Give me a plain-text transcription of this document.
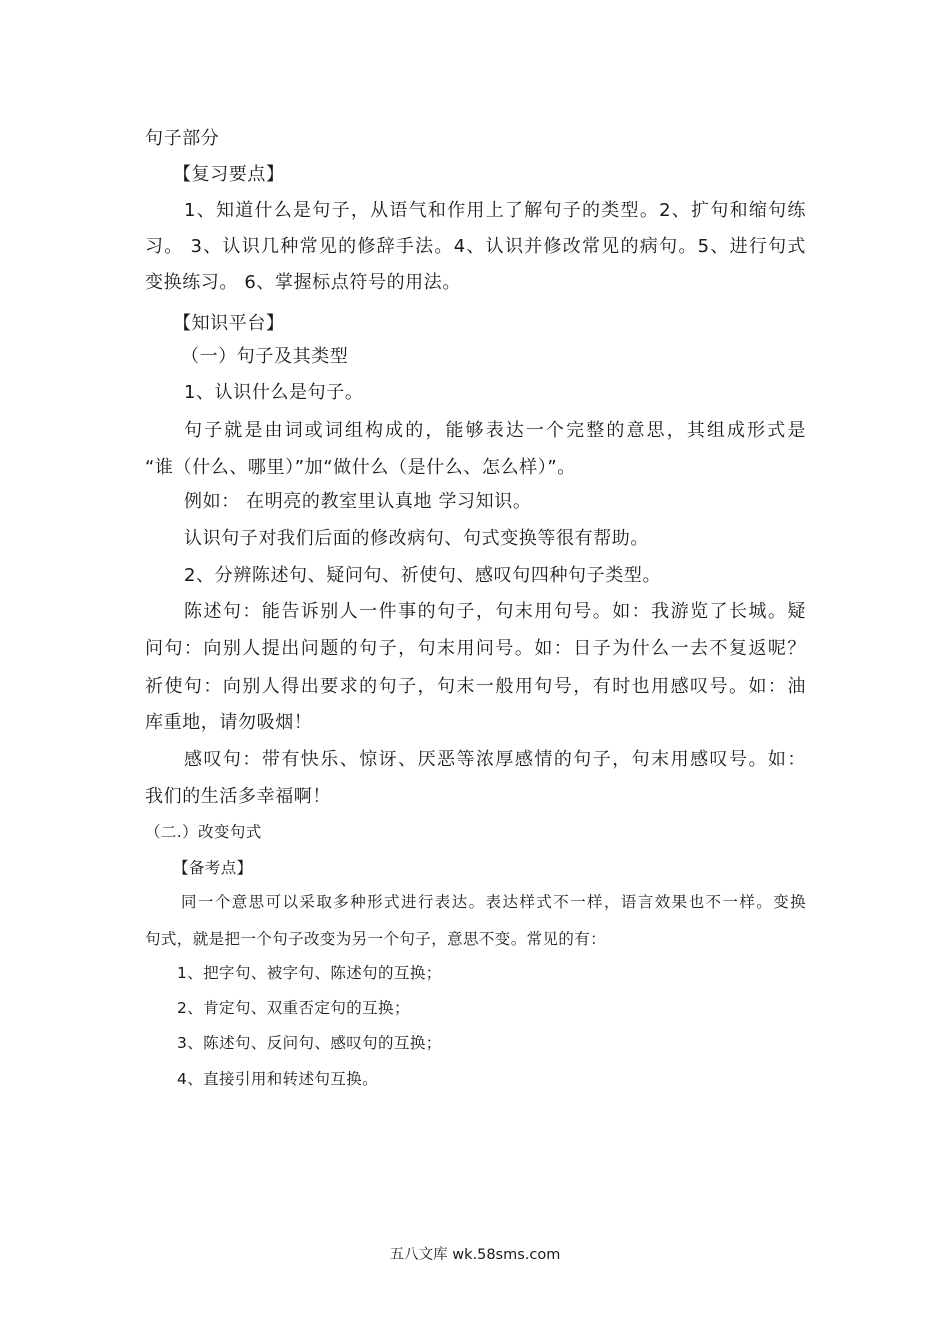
句子部分
【复习要点】
1、知道什么是句子，从语气和作用上了解句子的类型。2、扩句和缩句练
习。 3、认识几种常见的修辞手法。4、认识并修改常见的病句。5、进行句式
变换练习。 6、掌握标点符号的用法。
【知识平台】
（一）句子及其类型
1、认识什么是句子。
句子就是由词或词组构成的，能够表达一个完整的意思，其组成形式是
“谁（什么、哪里）”加“做什么（是什么、怎么样）”。
例如： 在明亮的教室里认真地 学习知识。
认识句子对我们后面的修改病句、句式变换等很有帮助。
2、分辨陈述句、疑问句、祈使句、感叹句四种句子类型。
陈述句：能告诉别人一件事的句子，句末用句号。如：我游览了长城。疑
问句：向别人提出问题的句子，句末用问号。如：日子为什么一去不复返呢？
祈使句：向别人得出要求的句子，句末一般用句号，有时也用感叹号。如：油
库重地，请勿吸烟！
感叹句：带有快乐、惊讶、厌恶等浓厚感情的句子，句末用感叹号。如：
我们的生活多幸福啊！
（二.）改变句式
【备考点】
同一个意思可以采取多种形式进行表达。表达样式不一样，语言效果也不一样。变换
句式，就是把一个句子改变为另一个句子，意思不变。常见的有：
1、把字句、被字句、陈述句的互换；
2、肯定句、双重否定句的互换；
3、陈述句、反问句、感叹句的互换；
4、直接引用和转述句互换。
五八文库 wk.58sms.com
